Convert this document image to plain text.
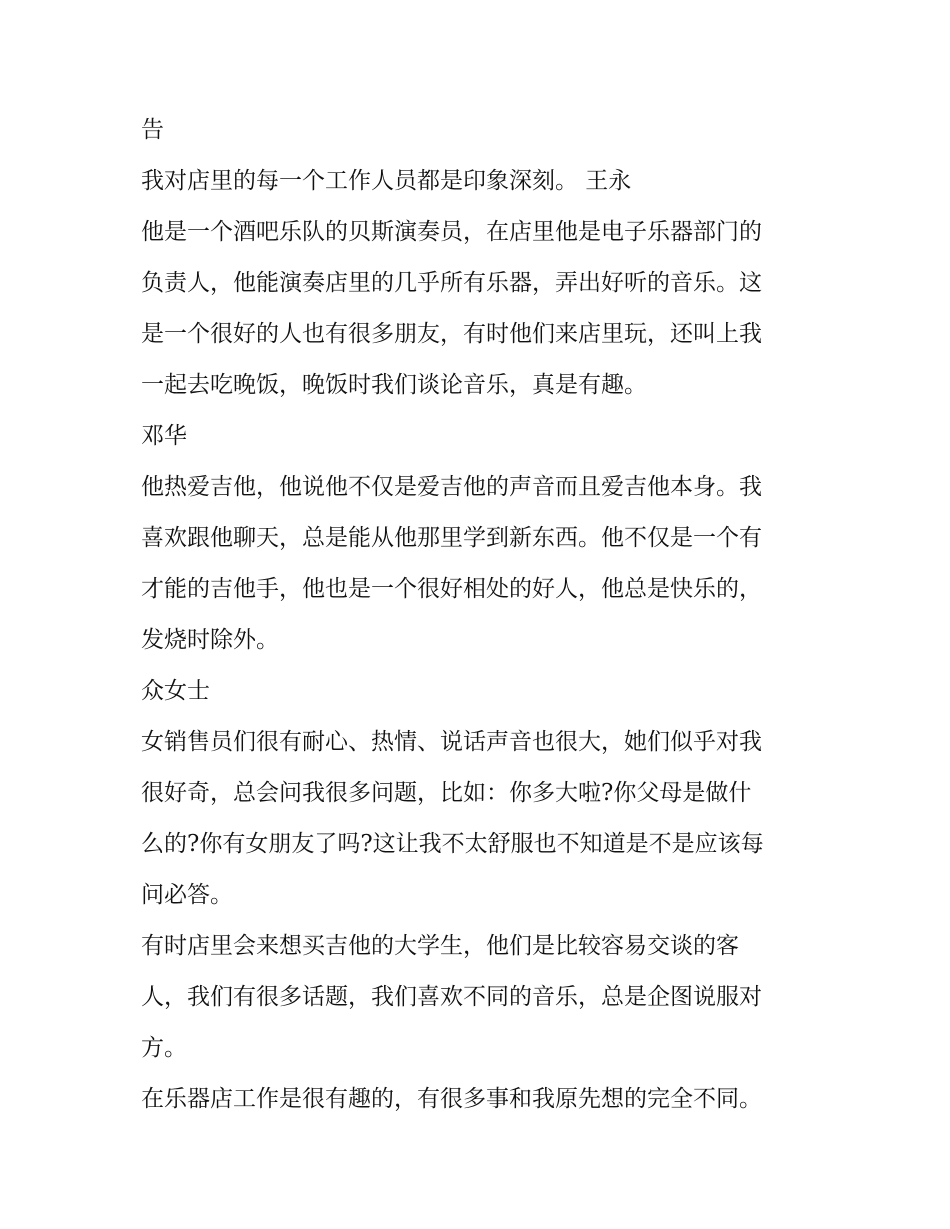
告
我对店里的每一个工作人员都是印象深刻。 王永
他是一个酒吧乐队的贝斯演奏员，在店里他是电子乐器部门的
负责人，他能演奏店里的几乎所有乐器，弄出好听的音乐。这
是一个很好的人也有很多朋友，有时他们来店里玩，还叫上我
一起去吃晚饭，晚饭时我们谈论音乐，真是有趣。
邓华
他热爱吉他，他说他不仅是爱吉他的声音而且爱吉他本身。我
喜欢跟他聊天，总是能从他那里学到新东西。他不仅是一个有
才能的吉他手，他也是一个很好相处的好人，他总是快乐的，
发烧时除外。
众女士
女销售员们很有耐心、热情、说话声音也很大，她们似乎对我
很好奇，总会问我很多问题，比如：你多大啦?你父母是做什
么的?你有女朋友了吗?这让我不太舒服也不知道是不是应该每
问必答。
有时店里会来想买吉他的大学生，他们是比较容易交谈的客
人，我们有很多话题，我们喜欢不同的音乐，总是企图说服对
方。
在乐器店工作是很有趣的，有很多事和我原先想的完全不同。
